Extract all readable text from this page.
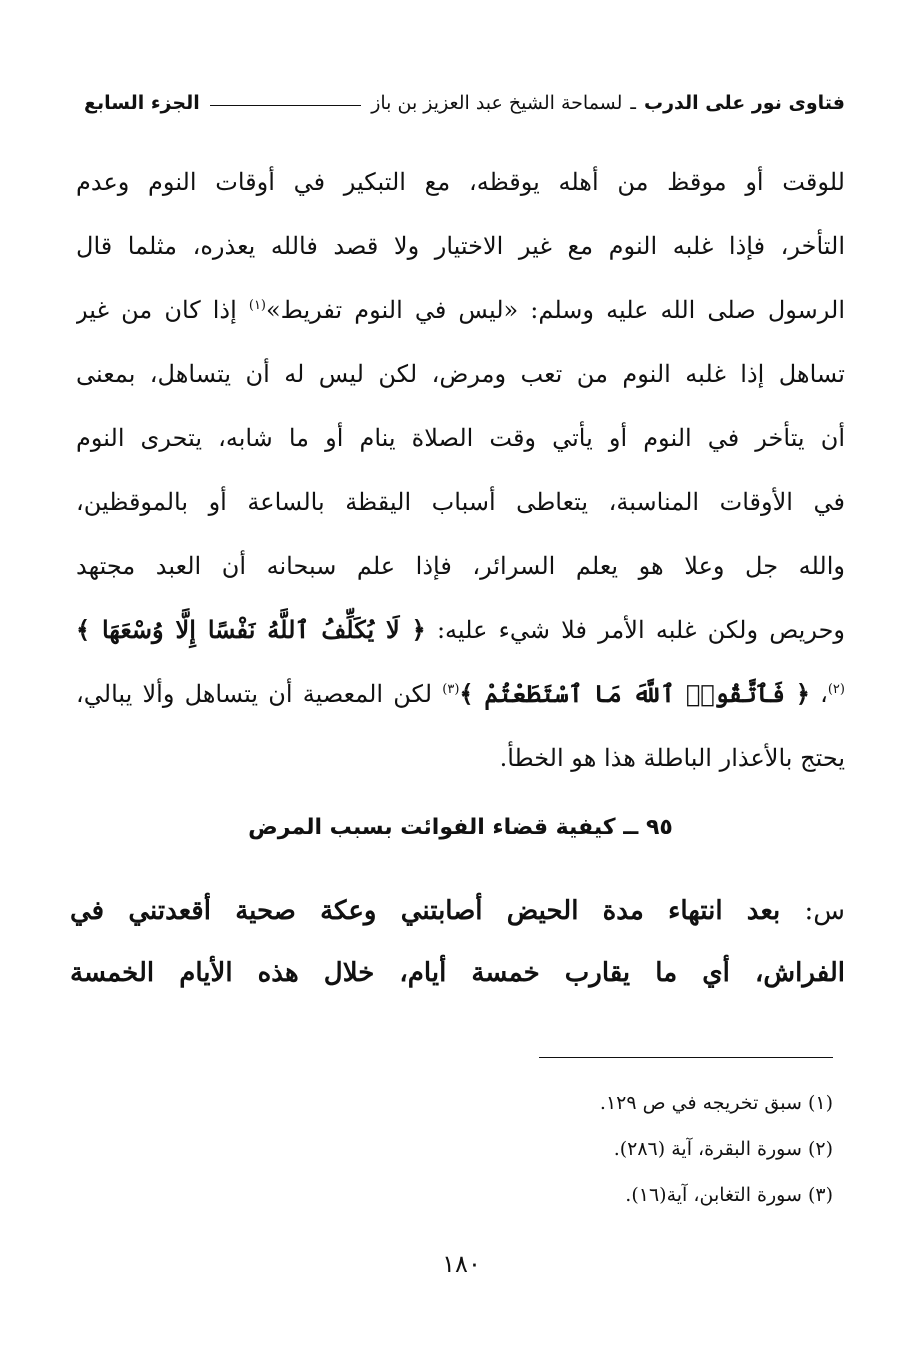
فتاوى نور على الدرب
ـ
لسماحة الشيخ عبد العزيز بن باز
الجزء السابع
للوقت أو موقظ من أهله يوقظه، مع التبكير في أوقات النوم وعدم
التأخر، فإذا غلبه النوم مع غير الاختيار ولا قصد فالله يعذره، مثلما قال
الرسول صلى الله عليه وسلم: «ليس في النوم تفريط»$^{(١)}$ إذا كان من غير
تساهل إذا غلبه النوم من تعب ومرض، لكن ليس له أن يتساهل، بمعنى
أن يتأخر في النوم أو يأتي وقت الصلاة ينام أو ما شابه، يتحرى النوم
في الأوقات المناسبة، يتعاطى أسباب اليقظة بالساعة أو بالموقظين،
والله جل وعلا هو يعلم السرائر، فإذا علم سبحانه أن العبد مجتهد
وحريص ولكن غلبه الأمر فلا شيء عليه: ﴿ لَا يُكَلِّفُ ٱللَّهُ نَفْسًا إِلَّا وُسْعَهَا ﴾
$^{(٢)}$، ﴿ فَٱتَّقُوا۟ ٱللَّهَ مَا ٱسْتَطَعْتُمْ ﴾$^{(٣)}$ لكن المعصية أن يتساهل وألا يبالي،
يحتج بالأعذار الباطلة هذا هو الخطأ.
٩٥ ــ كيفية قضاء الفوائت بسبب المرض
س: بعد انتهاء مدة الحيض أصابتني وعكة صحية أقعدتني في
الفراش، أي ما يقارب خمسة أيام، خلال هذه الأيام الخمسة
(١) سبق تخريجه في ص ١٢٩.
(٢) سورة البقرة، آية (٢٨٦).
(٣) سورة التغابن، آية(١٦).
١٨٠
